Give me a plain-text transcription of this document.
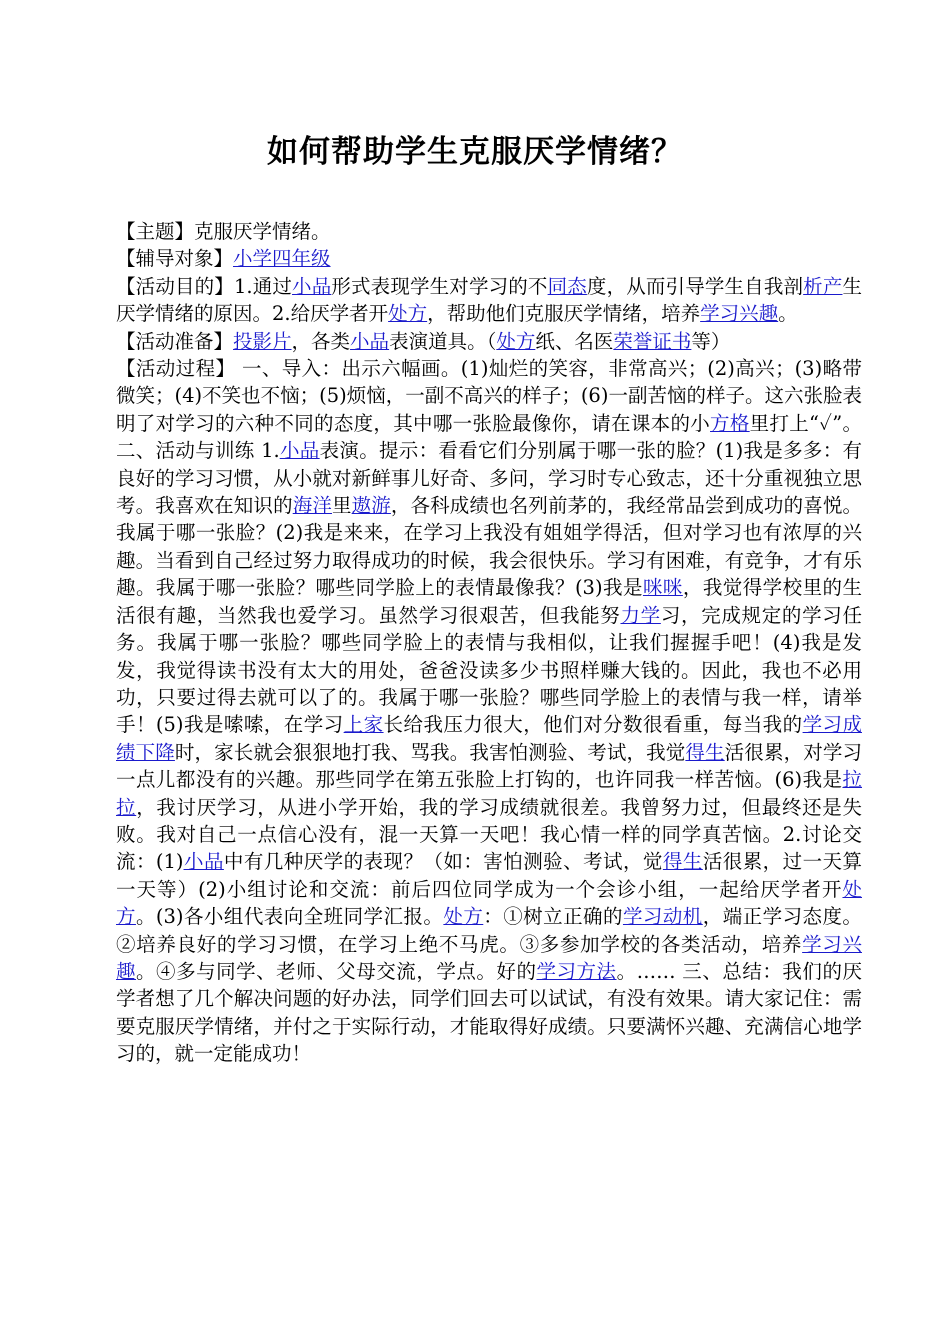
如何帮助学生克服厌学情绪？
【主题】克服厌学情绪。
【辅导对象】小学四年级
【活动目的】1.通过小品形式表现学生对学习的不同态度，从而引导学生自我剖析产生厌学情绪的原因。2.给厌学者开处方，帮助他们克服厌学情绪，培养学习兴趣。
【活动准备】投影片，各类小品表演道具。（处方纸、名医荣誉证书等）
【活动过程】 一、导入：出示六幅画。(1)灿烂的笑容，非常高兴；(2)高兴；(3)略带微笑；(4)不笑也不恼；(5)烦恼，一副不高兴的样子；(6)一副苦恼的样子。这六张脸表明了对学习的六种不同的态度，其中哪一张脸最像你，请在课本的小方格里打上“✓”。二、活动与训练 1.小品表演。提示：看看它们分别属于哪一张的脸？(1)我是多多：有良好的学习习惯，从小就对新鲜事儿好奇、多问，学习时专心致志，还十分重视独立思考。我喜欢在知识的海洋里遨游，各科成绩也名列前茅的，我经常品尝到成功的喜悦。我属于哪一张脸？(2)我是来来，在学习上我没有姐姐学得活，但对学习也有浓厚的兴趣。当看到自己经过努力取得成功的时候，我会很快乐。学习有困难，有竞争，才有乐趣。我属于哪一张脸？哪些同学脸上的表情最像我？(3)我是咪咪，我觉得学校里的生活很有趣，当然我也爱学习。虽然学习很艰苦，但我能努力学习，完成规定的学习任务。我属于哪一张脸？哪些同学脸上的表情与我相似，让我们握握手吧！(4)我是发发，我觉得读书没有太大的用处，爸爸没读多少书照样赚大钱的。因此，我也不必用功，只要过得去就可以了的。我属于哪一张脸？哪些同学脸上的表情与我一样，请举手！(5)我是嗦嗦，在学习上家长给我压力很大，他们对分数很看重，每当我的学习成绩下降时，家长就会狠狠地打我、骂我。我害怕测验、考试，我觉得生活很累，对学习一点儿都没有的兴趣。那些同学在第五张脸上打钩的，也许同我一样苦恼。(6)我是拉拉，我讨厌学习，从进小学开始，我的学习成绩就很差。我曾努力过，但最终还是失败。我对自己一点信心没有，混一天算一天吧！我心情一样的同学真苦恼。2.讨论交流：(1)小品中有几种厌学的表现？（如：害怕测验、考试，觉得生活很累，过一天算一天等）(2)小组讨论和交流：前后四位同学成为一个会诊小组，一起给厌学者开处方。(3)各小组代表向全班同学汇报。处方：①树立正确的学习动机，端正学习态度。②培养良好的学习习惯，在学习上绝不马虎。③多参加学校的各类活动，培养学习兴趣。④多与同学、老师、父母交流，学点。好的学习方法。…… 三、总结：我们的厌学者想了几个解决问题的好办法，同学们回去可以试试，有没有效果。请大家记住：需要克服厌学情绪，并付之于实际行动，才能取得好成绩。只要满怀兴趣、充满信心地学习的，就一定能成功！
